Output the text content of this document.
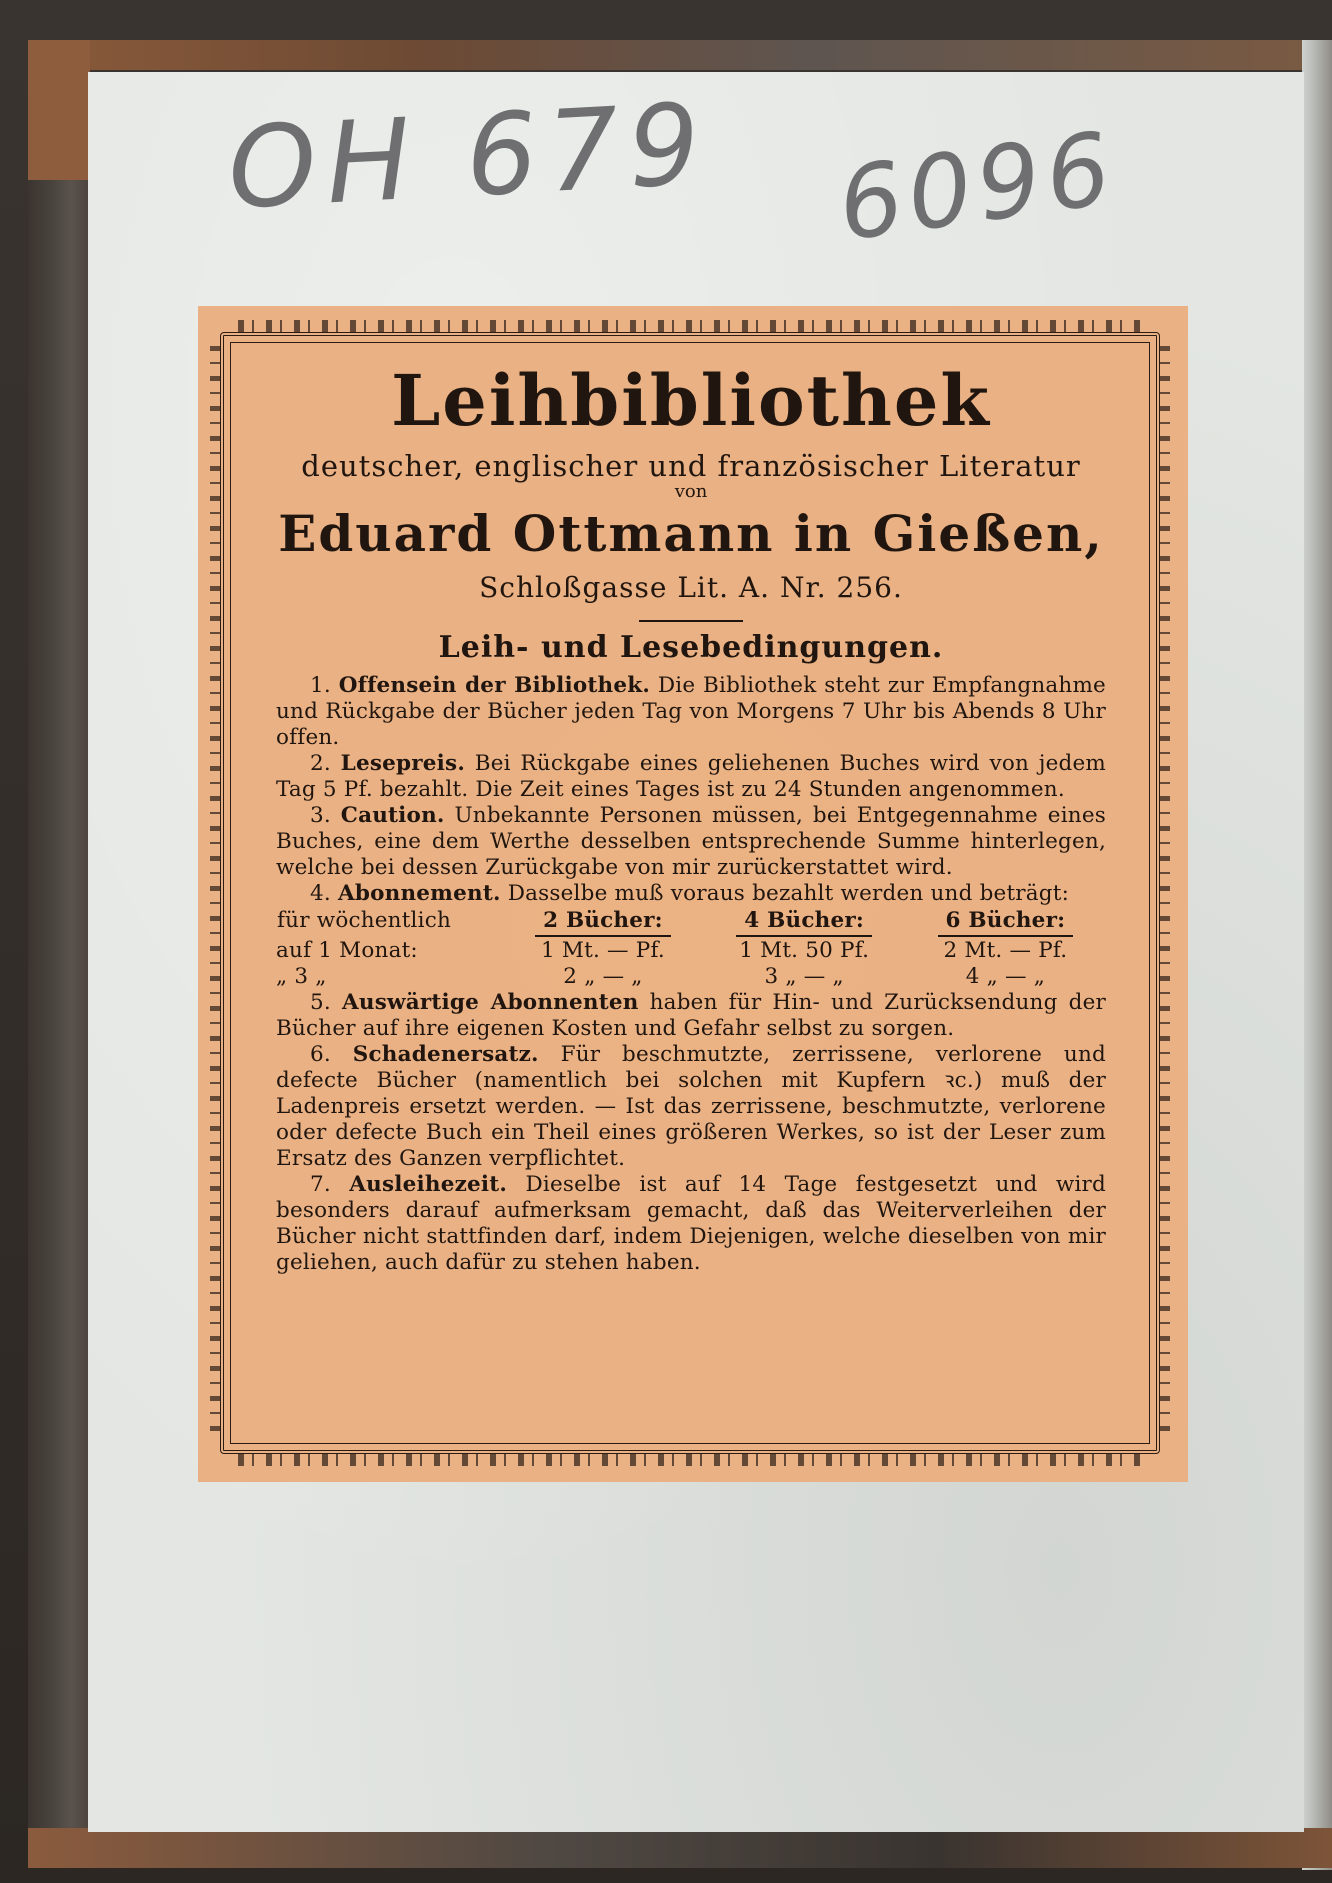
OH 679 6096
Leihbibliothek
deutscher, englischer und französischer Literatur
von
Eduard Ottmann in Gießen,
Schloßgasse Lit. A. Nr. 256.
Leih- und Lesebedingungen.

1. Offensein der Bibliothek. Die Bibliothek steht zur Empfangnahme und Rückgabe der Bücher jeden Tag von Morgens 7 Uhr bis Abends 8 Uhr offen.

2. Lesepreis. Bei Rückgabe eines geliehenen Buches wird von jedem Tag 5 Pf. bezahlt. Die Zeit eines Tages ist zu 24 Stunden angenommen.

3. Caution. Unbekannte Personen müssen, bei Entgegennahme eines Buches, eine dem Werthe desselben entsprechende Summe hinterlegen, welche bei dessen Zurückgabe von mir zurückerstattet wird.

4. Abonnement. Dasselbe muß voraus bezahlt werden und beträgt:

für wöchentlich	2 Bücher:	4 Bücher:	6 Bücher:
auf 1 Monat:	1 Mt. — Pf.	1 Mt. 50 Pf.	2 Mt. — Pf.
„ 3 „	2 „ — „	3 „ — „	4 „ — „

5. Auswärtige Abonnenten haben für Hin- und Zurücksendung der Bücher auf ihre eigenen Kosten und Gefahr selbst zu sorgen.

6. Schadenersatz. Für beschmutzte, zerrissene, verlorene und defecte Bücher (namentlich bei solchen mit Kupfern ꝛc.) muß der Ladenpreis ersetzt werden. — Ist das zerrissene, beschmutzte, verlorene oder defecte Buch ein Theil eines größeren Werkes, so ist der Leser zum Ersatz des Ganzen verpflichtet.

7. Ausleihezeit. Dieselbe ist auf 14 Tage festgesetzt und wird besonders darauf aufmerksam gemacht, daß das Weiterverleihen der Bücher nicht stattfinden darf, indem Diejenigen, welche dieselben von mir geliehen, auch dafür zu stehen haben.
